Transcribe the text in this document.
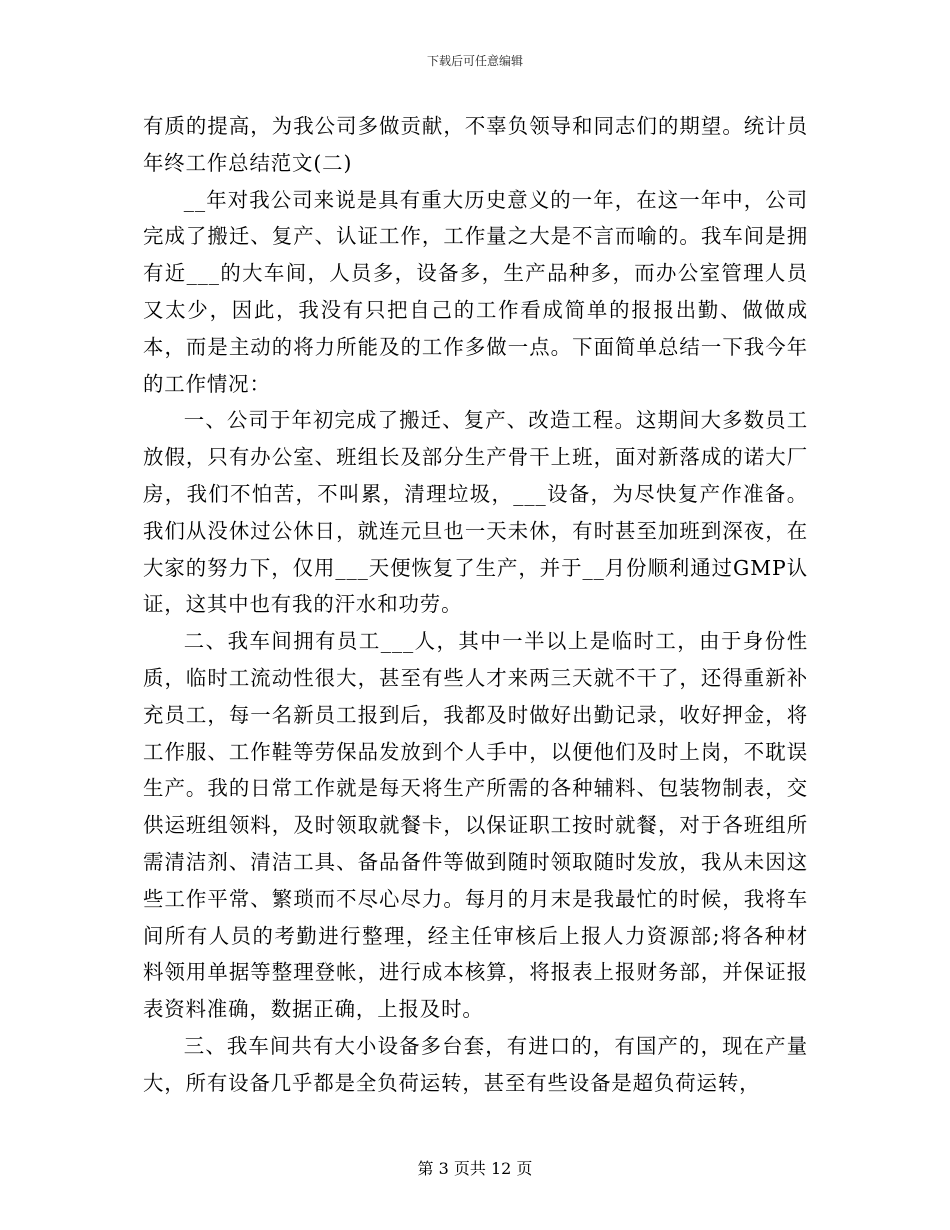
下载后可任意编辑

有质的提高，为我公司多做贡献，不辜负领导和同志们的期望。统计员年终工作总结范文(二)

__年对我公司来说是具有重大历史意义的一年，在这一年中，公司完成了搬迁、复产、认证工作，工作量之大是不言而喻的。我车间是拥有近___的大车间，人员多，设备多，生产品种多，而办公室管理人员又太少，因此，我没有只把自己的工作看成简单的报报出勤、做做成本，而是主动的将力所能及的工作多做一点。下面简单总结一下我今年的工作情况：

一、公司于年初完成了搬迁、复产、改造工程。这期间大多数员工放假，只有办公室、班组长及部分生产骨干上班，面对新落成的诺大厂房，我们不怕苦，不叫累，清理垃圾，___设备，为尽快复产作准备。我们从没休过公休日，就连元旦也一天未休，有时甚至加班到深夜，在大家的努力下，仅用___天便恢复了生产，并于__月份顺利通过GMP认证，这其中也有我的汗水和功劳。

二、我车间拥有员工___人，其中一半以上是临时工，由于身份性质，临时工流动性很大，甚至有些人才来两三天就不干了，还得重新补充员工，每一名新员工报到后，我都及时做好出勤记录，收好押金，将工作服、工作鞋等劳保品发放到个人手中，以便他们及时上岗，不耽误生产。我的日常工作就是每天将生产所需的各种辅料、包装物制表，交供运班组领料，及时领取就餐卡，以保证职工按时就餐，对于各班组所需清洁剂、清洁工具、备品备件等做到随时领取随时发放，我从未因这些工作平常、繁琐而不尽心尽力。每月的月末是我最忙的时候，我将车间所有人员的考勤进行整理，经主任审核后上报人力资源部;将各种材料领用单据等整理登帐，进行成本核算，将报表上报财务部，并保证报表资料准确，数据正确，上报及时。

三、我车间共有大小设备多台套，有进口的，有国产的，现在产量大，所有设备几乎都是全负荷运转，甚至有些设备是超负荷运转，

第 3 页共 12 页
